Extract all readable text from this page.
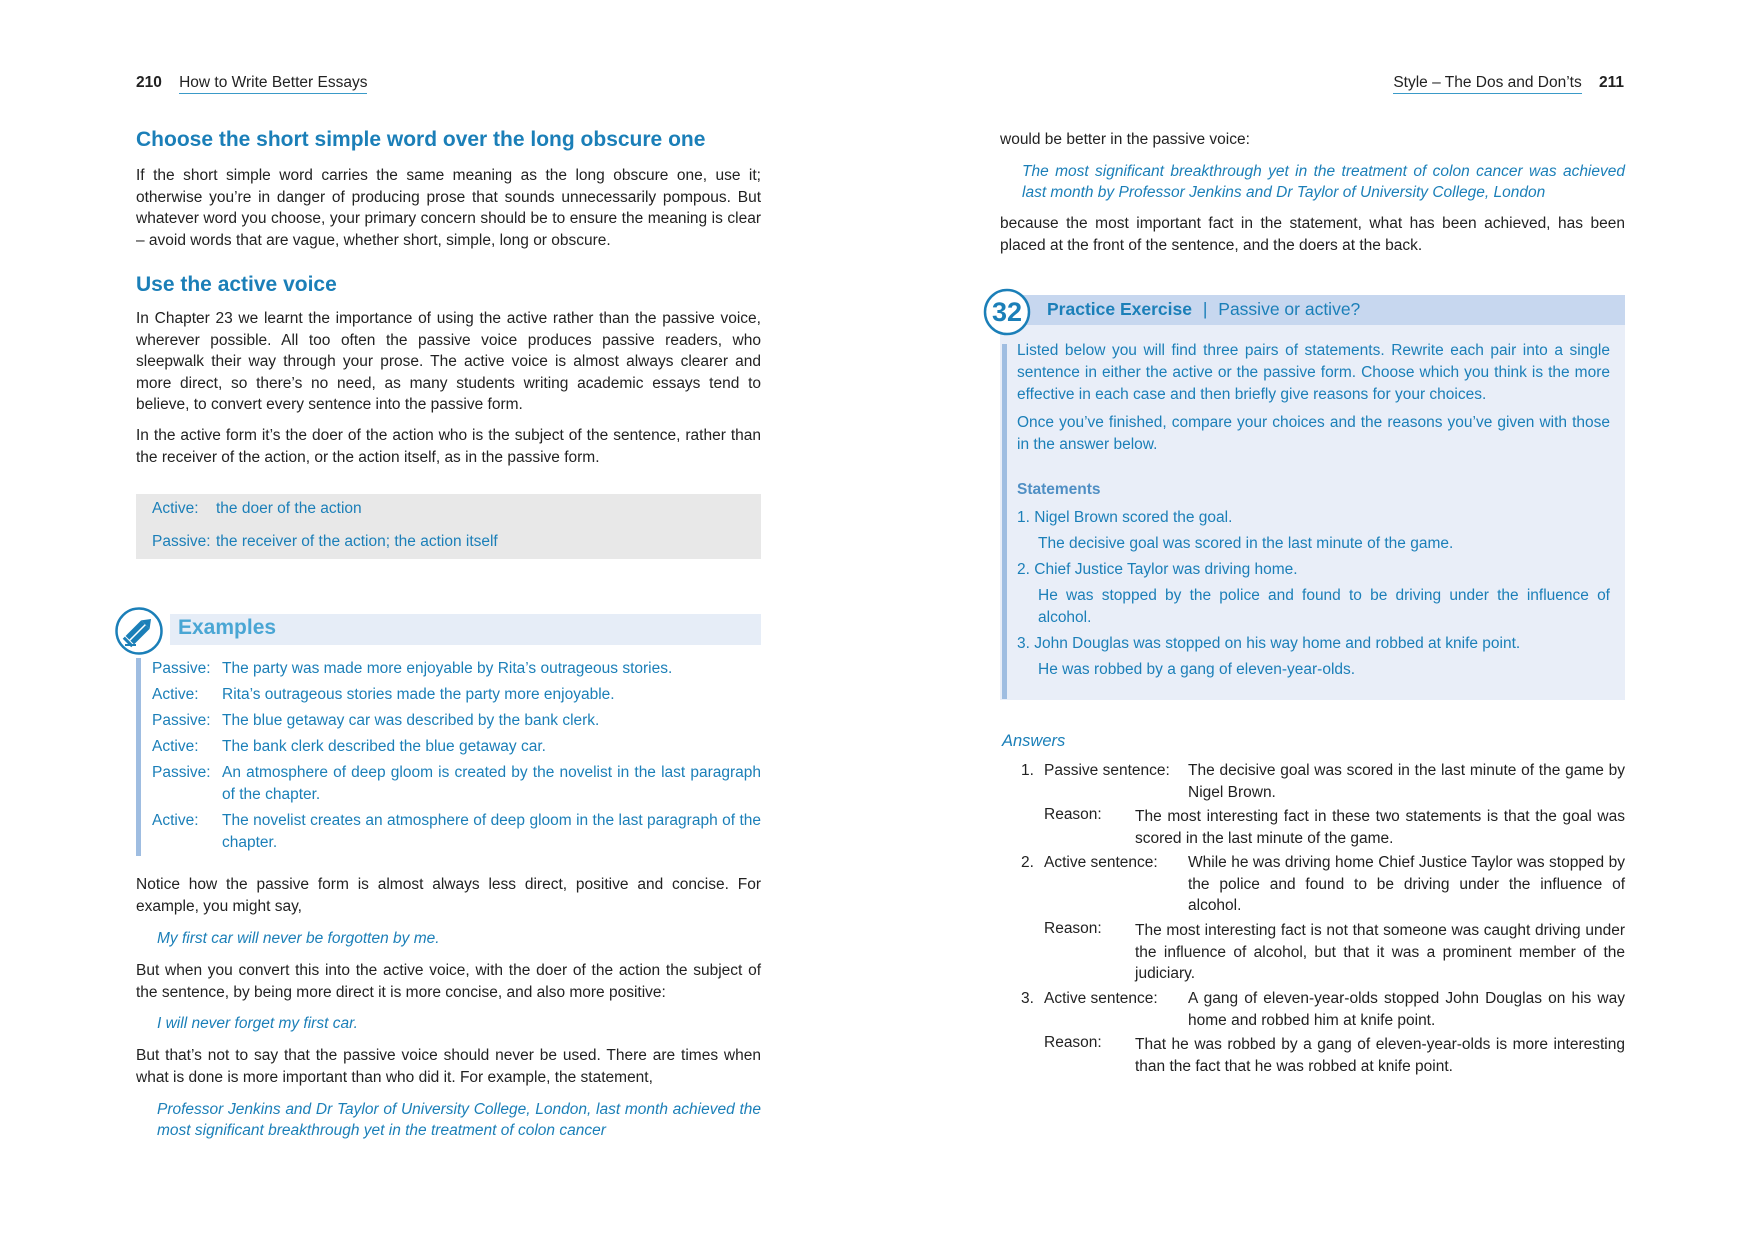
210 How to Write Better Essays
Choose the short simple word over the long obscure one

If the short simple word carries the same meaning as the long obscure one, use it; otherwise you’re in danger of producing prose that sounds unnecessarily pompous. But whatever word you choose, your primary concern should be to ensure the meaning is clear – avoid words that are vague, whether short, simple, long or obscure.

Use the active voice

In Chapter 23 we learnt the importance of using the active rather than the passive voice, wherever possible. All too often the passive voice produces passive readers, who sleepwalk their way through your prose. The active voice is almost always clearer and more direct, so there’s no need, as many students writing academic essays tend to believe, to convert every sentence into the passive form.

In the active form it’s the doer of the action who is the subject of the sentence, rather than the receiver of the action, or the action itself, as in the passive form.

Active: the doer of the action
Passive: the receiver of the action; the action itself
Examples
Passive: The party was made more enjoyable by Rita’s outrageous stories.
Active:	Rita’s outrageous stories made the party more enjoyable.
Passive: The blue getaway car was described by the bank clerk.
Active:	The bank clerk described the blue getaway car.
Passive: An atmosphere of deep gloom is created by the novelist in the last paragraph of the chapter.
Active:	The novelist creates an atmosphere of deep gloom in the last paragraph of the chapter.

Notice how the passive form is almost always less direct, positive and concise. For example, you might say,

My first car will never be forgotten by me.

But when you convert this into the active voice, with the doer of the action the subject of the sentence, by being more direct it is more concise, and also more positive:

I will never forget my first car.

But that’s not to say that the passive voice should never be used. There are times when what is done is more important than who did it. For example, the statement,

Professor Jenkins and Dr Taylor of University College, London, last month achieved the most significant breakthrough yet in the treatment of colon cancer

Style – The Dos and Don’ts 211

would be better in the passive voice:

The most significant breakthrough yet in the treatment of colon cancer was achieved last month by Professor Jenkins and Dr Taylor of University College, London

because the most important fact in the statement, what has been achieved, has been placed at the front of the sentence, and the doers at the back.

Practice Exercise | Passive or active?
32

Listed below you will find three pairs of statements. Rewrite each pair into a single sentence in either the active or the passive form. Choose which you think is the more effective in each case and then briefly give reasons for your choices.

Once you’ve finished, compare your choices and the reasons you’ve given with those in the answer below.

Statements
1. Nigel Brown scored the goal.
The decisive goal was scored in the last minute of the game.
2. Chief Justice Taylor was driving home.
He was stopped by the police and found to be driving under the influence of alcohol.
3. John Douglas was stopped on his way home and robbed at knife point.
He was robbed by a gang of eleven-year-olds.
Answers
1. Passive sentence: The decisive goal was scored in the last minute of the game by Nigel Brown.
Reason: The most interesting fact in these two statements is that the goal was scored in the last minute of the game.
2. Active sentence: While he was driving home Chief Justice Taylor was stopped by the police and found to be driving under the influence of alcohol.
Reason: The most interesting fact is not that someone was caught driving under the influence of alcohol, but that it was a prominent member of the judiciary.
3. Active sentence: A gang of eleven-year-olds stopped John Douglas on his way home and robbed him at knife point.
Reason: That he was robbed by a gang of eleven-year-olds is more interesting than the fact that he was robbed at knife point.
